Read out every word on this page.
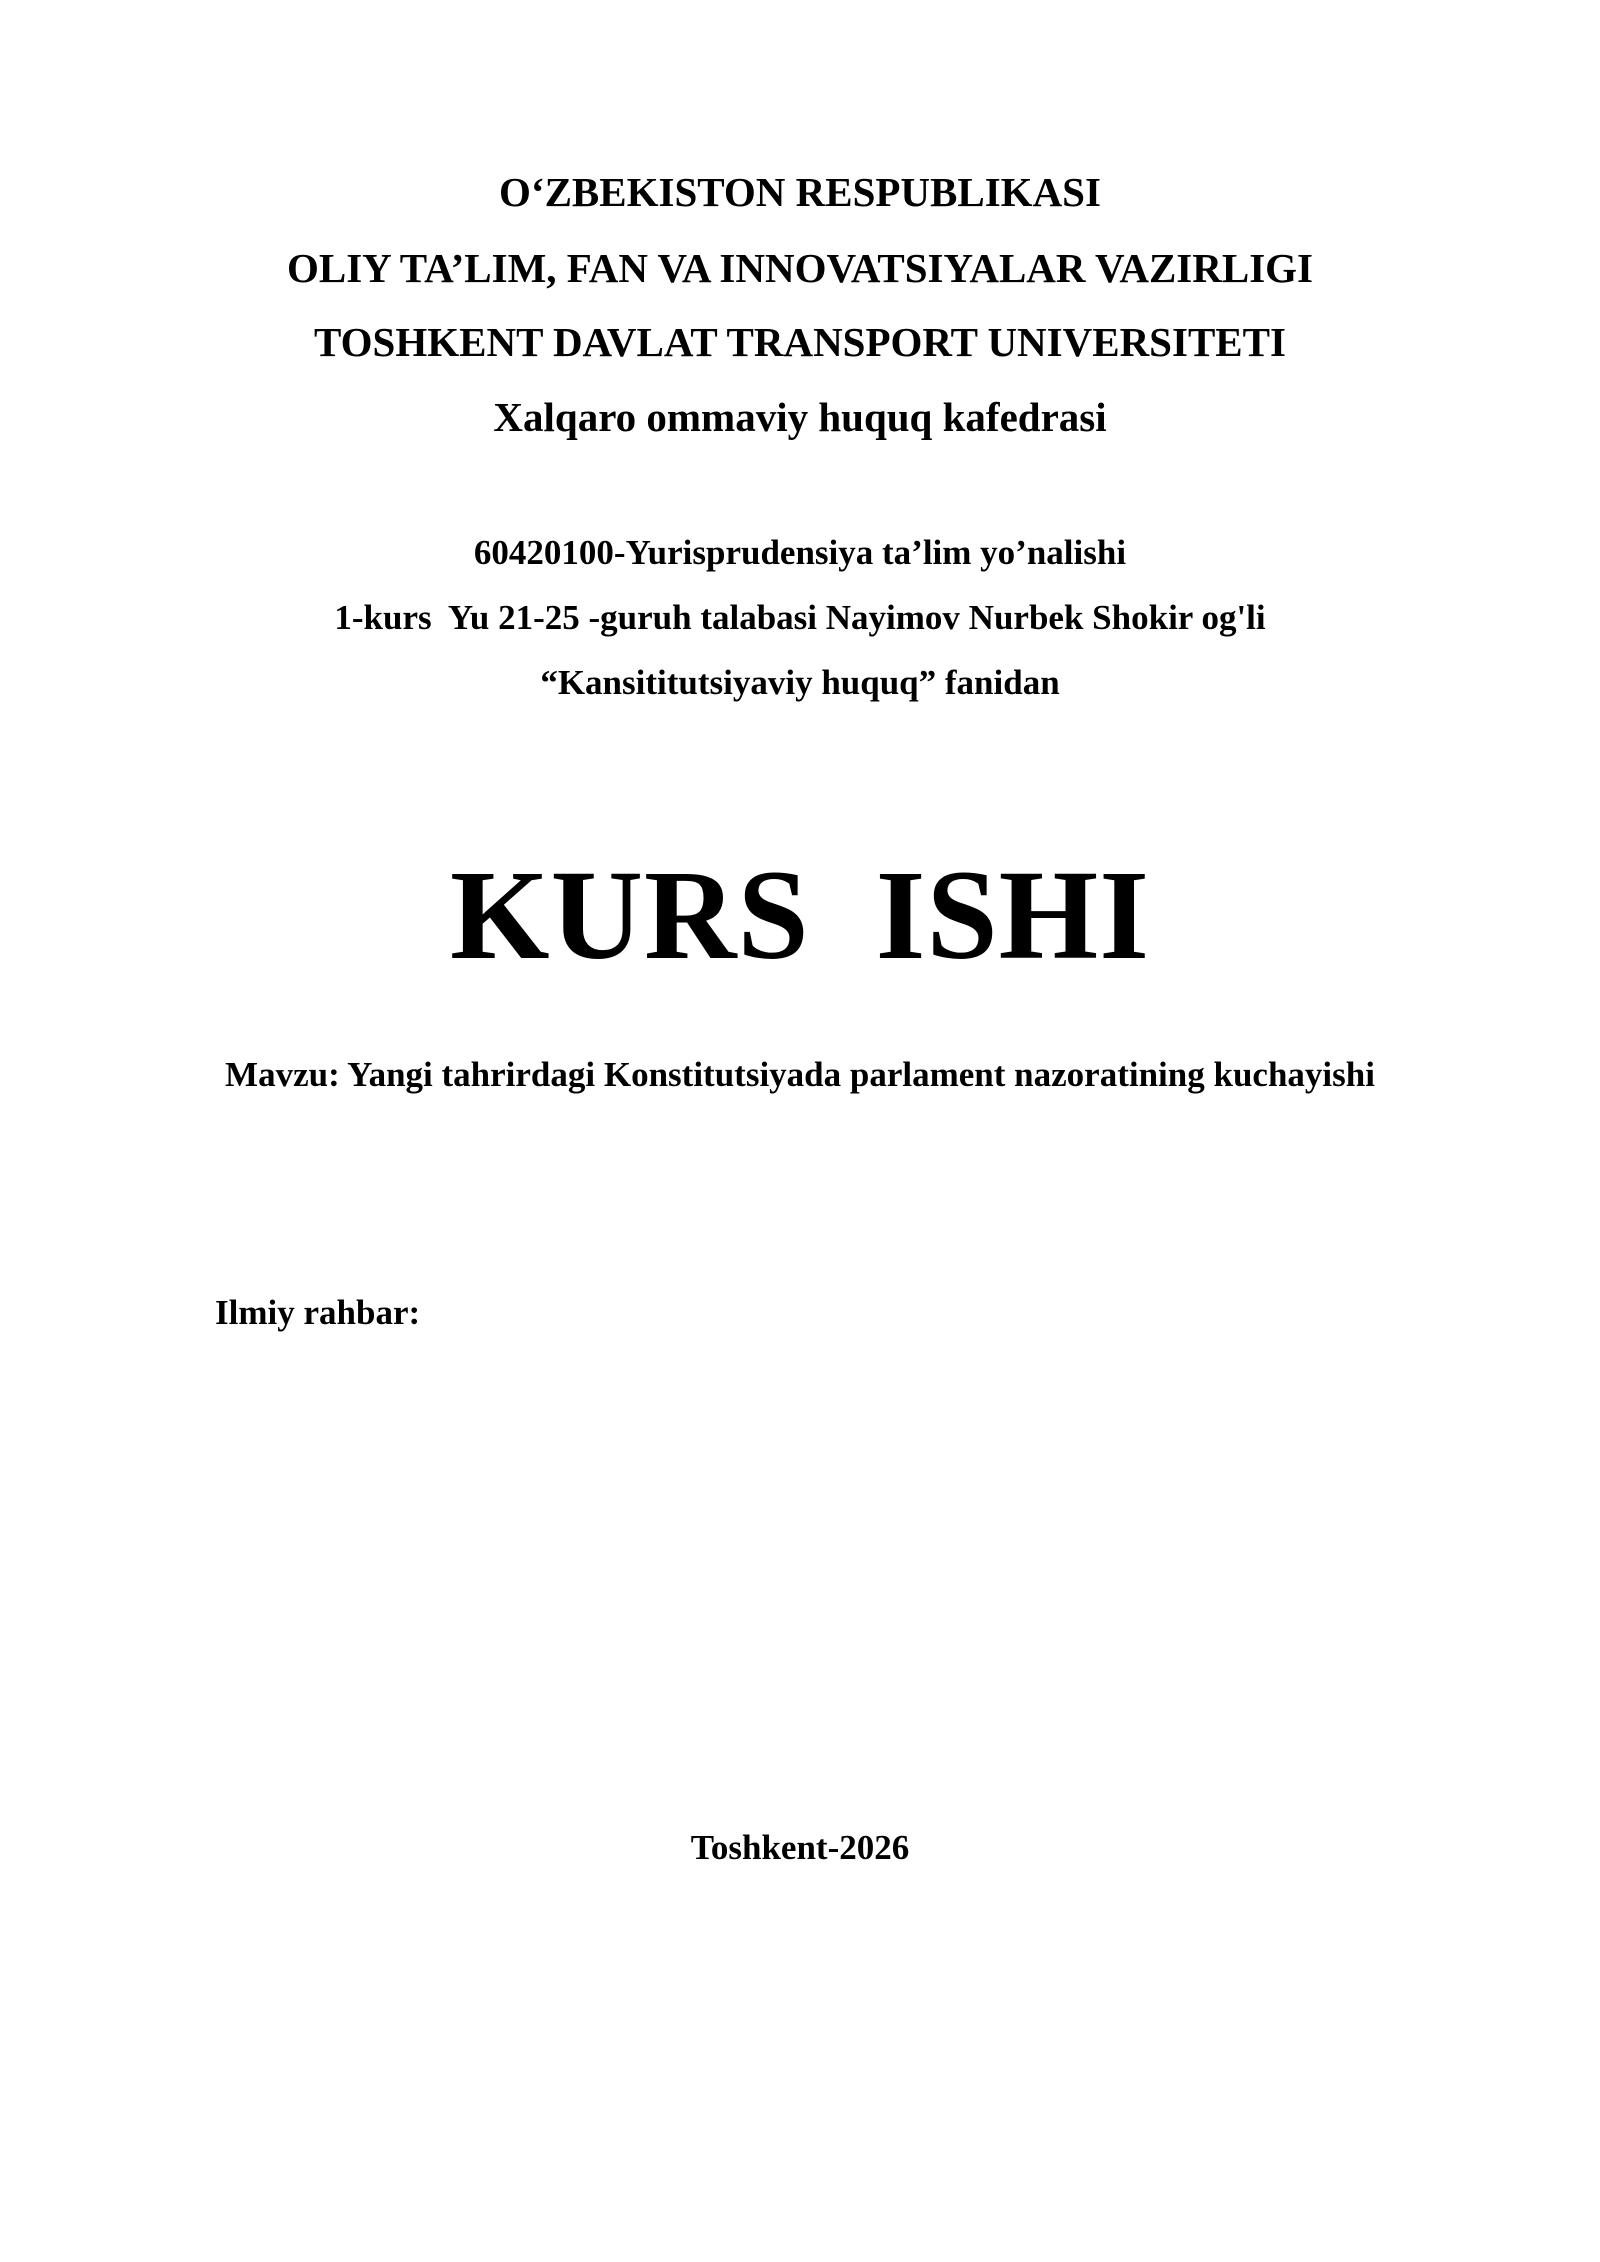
O‘ZBEKISTON RESPUBLIKASI
OLIY TA’LIM, FAN VA INNOVATSIYALAR VAZIRLIGI
TOSHKENT DAVLAT TRANSPORT UNIVERSITETI
Xalqaro ommaviy huquq kafedrasi
60420100-Yurisprudensiya ta’lim yo’nalishi
1-kurs  Yu 21-25 -guruh talabasi Nayimov Nurbek Shokir og'li
“Kansititutsiyaviy huquq” fanidan
KURS  ISHI
Mavzu: Yangi tahrirdagi Konstitutsiyada parlament nazoratining kuchayishi
Ilmiy rahbar:
Toshkent-2026
